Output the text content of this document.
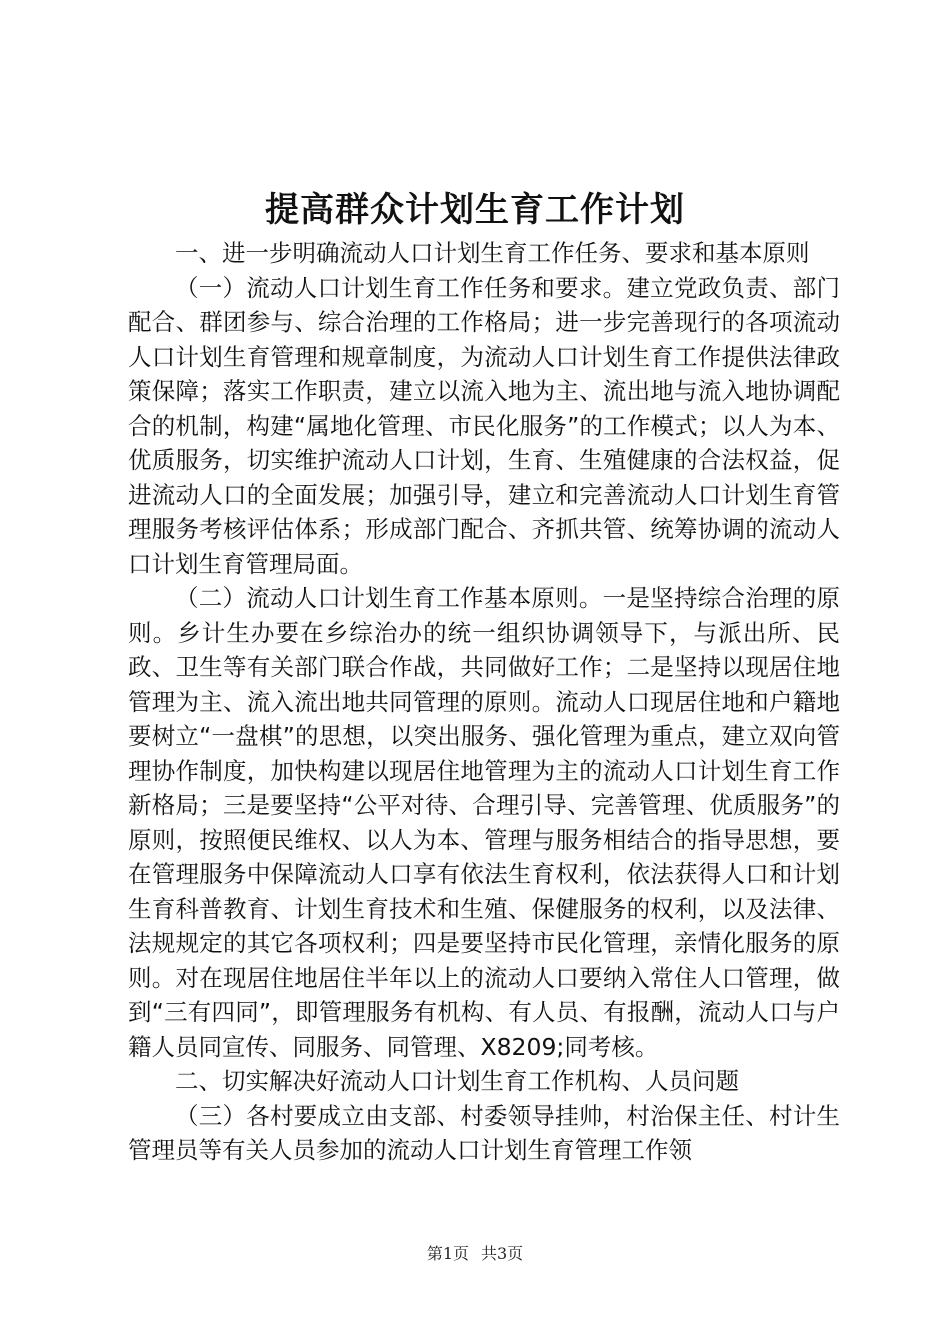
提高群众计划生育工作计划

一、进一步明确流动人口计划生育工作任务、要求和基本原则

（一）流动人口计划生育工作任务和要求。建立党政负责、部门配合、群团参与、综合治理的工作格局；进一步完善现行的各项流动人口计划生育管理和规章制度，为流动人口计划生育工作提供法律政策保障；落实工作职责，建立以流入地为主、流出地与流入地协调配合的机制，构建“属地化管理、市民化服务”的工作模式；以人为本、优质服务，切实维护流动人口计划，生育、生殖健康的合法权益，促进流动人口的全面发展；加强引导，建立和完善流动人口计划生育管理服务考核评估体系；形成部门配合、齐抓共管、统筹协调的流动人口计划生育管理局面。

（二）流动人口计划生育工作基本原则。一是坚持综合治理的原则。乡计生办要在乡综治办的统一组织协调领导下，与派出所、民政、卫生等有关部门联合作战，共同做好工作；二是坚持以现居住地管理为主、流入流出地共同管理的原则。流动人口现居住地和户籍地要树立“一盘棋”的思想，以突出服务、强化管理为重点，建立双向管理协作制度，加快构建以现居住地管理为主的流动人口计划生育工作新格局；三是要坚持“公平对待、合理引导、完善管理、优质服务”的原则，按照便民维权、以人为本、管理与服务相结合的指导思想，要在管理服务中保障流动人口享有依法生育权利，依法获得人口和计划生育科普教育、计划生育技术和生殖、保健服务的权利，以及法律、法规规定的其它各项权利；四是要坚持市民化管理，亲情化服务的原则。对在现居住地居住半年以上的流动人口要纳入常住人口管理，做到“三有四同”，即管理服务有机构、有人员、有报酬，流动人口与户籍人员同宣传、同服务、同管理、X8209;同考核。

二、切实解决好流动人口计划生育工作机构、人员问题

（三）各村要成立由支部、村委领导挂帅，村治保主任、村计生管理员等有关人员参加的流动人口计划生育管理工作领

第1页 共3页
